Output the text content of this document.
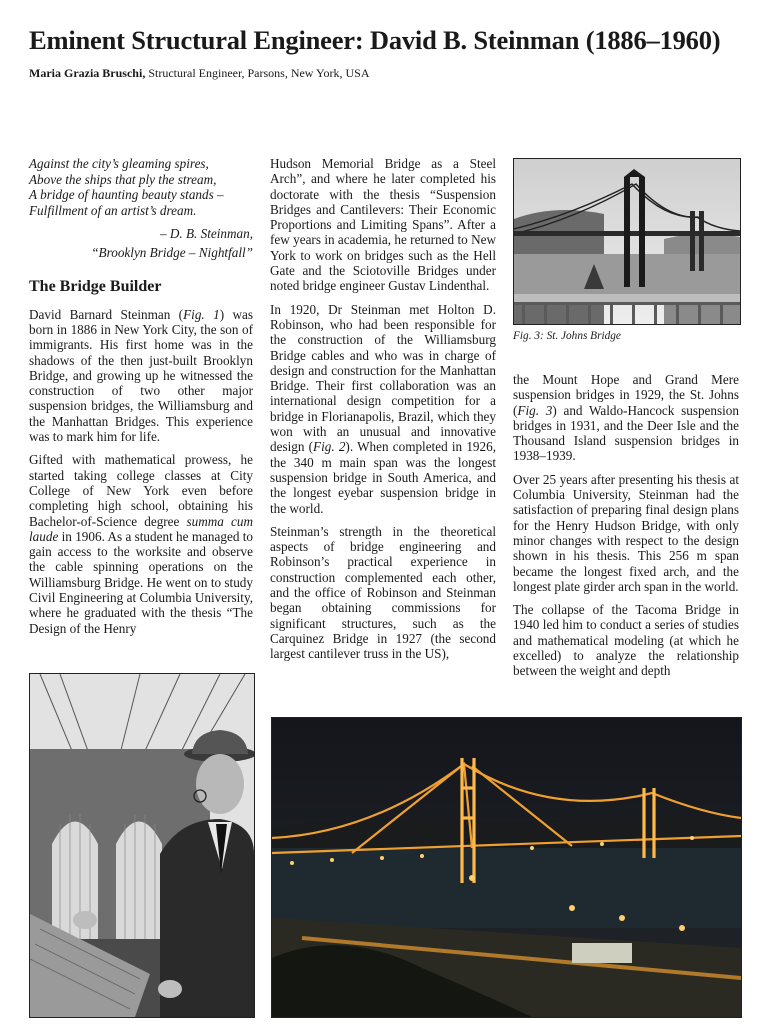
Eminent Structural Engineer: David B. Steinman (1886–1960)
Maria Grazia Bruschi, Structural Engineer, Parsons, New York, USA
Against the city’s gleaming spires,
Above the ships that ply the stream,
A bridge of haunting beauty stands –
Fulfillment of an artist’s dream.
– D. B. Steinman,
“Brooklyn Bridge – Nightfall”
The Bridge Builder

David Barnard Steinman (Fig. 1) was born in 1886 in New York City, the son of immigrants. His first home was in the shadows of the then just-built Brooklyn Bridge, and growing up he witnessed the construction of two other major suspension bridges, the Williamsburg and the Manhattan Bridges. This experience was to mark him for life.

Gifted with mathematical prowess, he started taking college classes at City College of New York even before completing high school, obtaining his Bachelor-of-Science degree summa cum laude in 1906. As a student he managed to gain access to the worksite and observe the cable spinning operations on the Williamsburg Bridge. He went on to study Civil Engineering at Columbia University, where he graduated with the thesis “The Design of the Henry

Hudson Memorial Bridge as a Steel Arch”, and where he later completed his doctorate with the thesis “Suspension Bridges and Cantilevers: Their Economic Proportions and Limiting Spans”. After a few years in academia, he returned to New York to work on bridges such as the Hell Gate and the Sciotoville Bridges under noted bridge engineer Gustav Lindenthal.

In 1920, Dr Steinman met Holton D. Robinson, who had been responsible for the construction of the Williamsburg Bridge cables and who was in charge of design and construction for the Manhattan Bridge. Their first collaboration was an international design competition for a bridge in Florianapolis, Brazil, which they won with an unusual and innovative design (Fig. 2). When completed in 1926, the 340 m main span was the longest suspension bridge in South America, and the longest eyebar suspension bridge in the world.

Steinman’s strength in the theoretical aspects of bridge engineering and Robinson’s practical experience in construction complemented each other, and the office of Robinson and Steinman began obtaining commissions for significant structures, such as the Carquinez Bridge in 1927 (the second largest cantilever truss in the US),

Fig. 3: St. Johns Bridge

the Mount Hope and Grand Mere suspension bridges in 1929, the St. Johns (Fig. 3) and Waldo-Hancock suspension bridges in 1931, and the Deer Isle and the Thousand Island suspension bridges in 1938–1939.

Over 25 years after presenting his thesis at Columbia University, Steinman had the satisfaction of preparing final design plans for the Henry Hudson Bridge, with only minor changes with respect to the design shown in his thesis. This 256 m span became the longest fixed arch, and the longest plate girder arch span in the world.

The collapse of the Tacoma Bridge in 1940 led him to conduct a series of studies and mathematical modeling (at which he excelled) to analyze the relationship between the weight and depth
